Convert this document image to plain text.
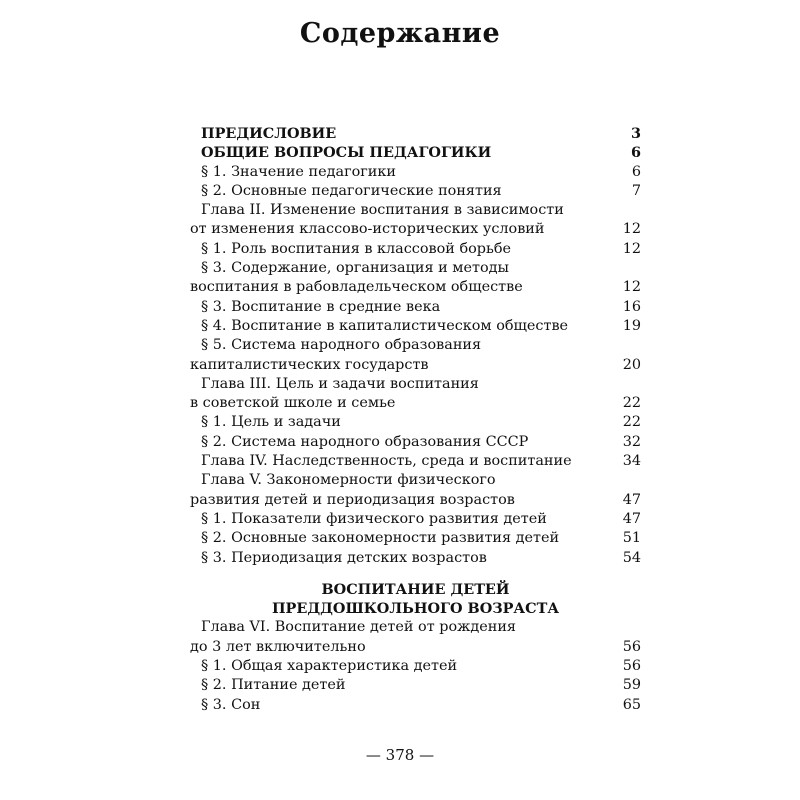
Содержание
ПРЕДИСЛОВИЕ	3
ОБЩИЕ ВОПРОСЫ ПЕДАГОГИКИ	6
§ 1. Значение педагогики	6
§ 2. Основные педагогические понятия	7
Глава II. Изменение воспитания в зависимости
от изменения классово-исторических условий	12
§ 1. Роль воспитания в классовой борьбе	12
§ 3. Содержание, организация и методы
воспитания в рабовладельческом обществе	12
§ 3. Воспитание в средние века	16
§ 4. Воспитание в капиталистическом обществе	19
§ 5. Система народного образования
капиталистических государств	20
Глава III. Цель и задачи воспитания
в советской школе и семье	22
§ 1. Цель и задачи	22
§ 2. Система народного образования СССР	32
Глава IV. Наследственность, среда и воспитание	34
Глава V. Закономерности физического
развития детей и периодизация возрастов	47
§ 1. Показатели физического развития детей	47
§ 2. Основные закономерности развития детей	51
§ 3. Периодизация детских возрастов	54
ВОСПИТАНИЕ ДЕТЕЙ
ПРЕДДОШКОЛЬНОГО ВОЗРАСТА
Глава VI. Воспитание детей от рождения
до 3 лет включительно	56
§ 1. Общая характеристика детей	56
§ 2. Питание детей	59
§ 3. Сон	65
— 378 —
